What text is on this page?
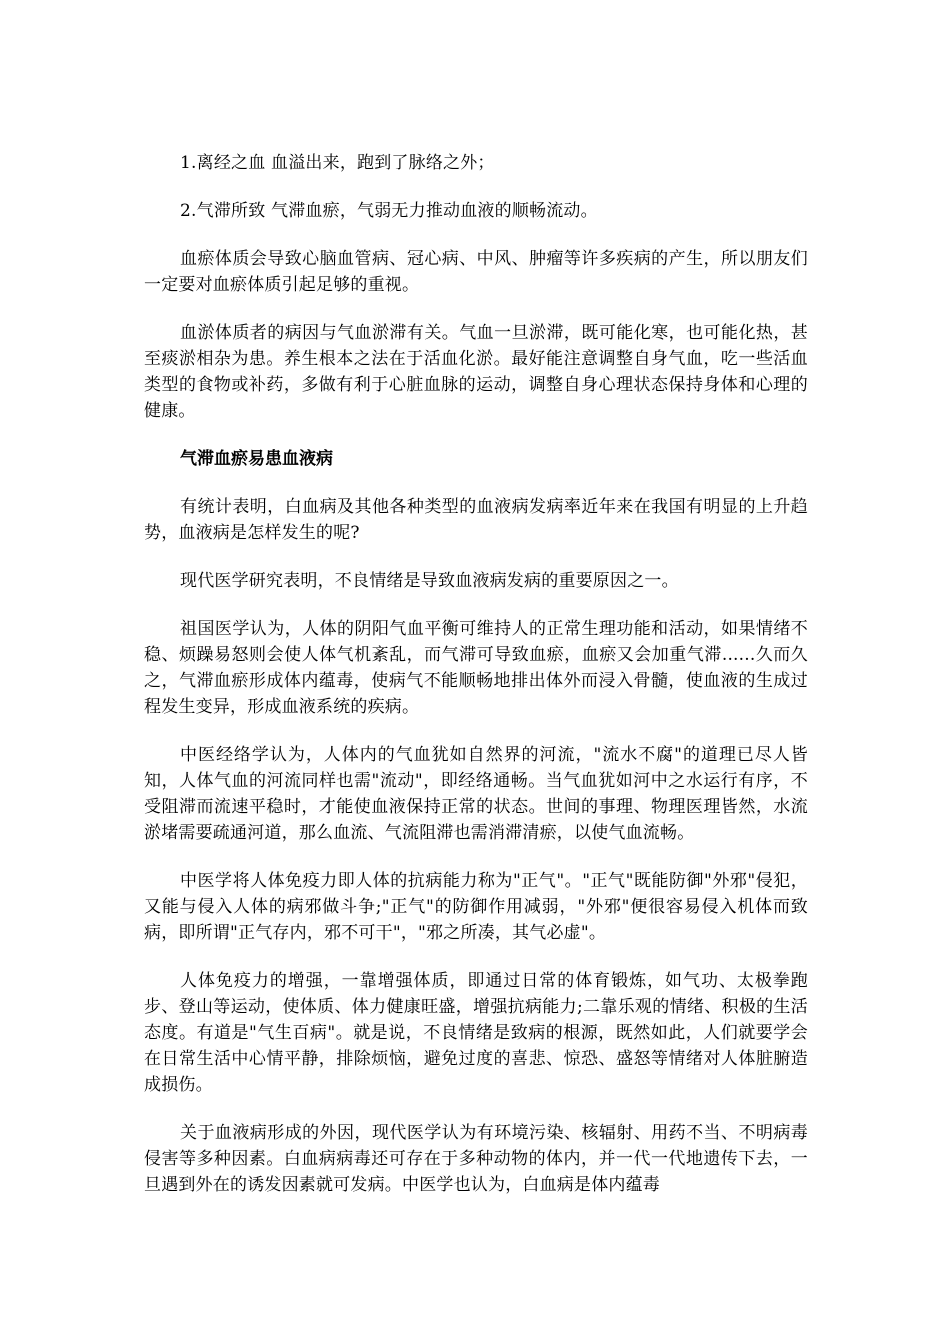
1.离经之血 血溢出来，跑到了脉络之外；

2.气滞所致 气滞血瘀，气弱无力推动血液的顺畅流动。

血瘀体质会导致心脑血管病、冠心病、中风、肿瘤等许多疾病的产生，所以朋友们一定要对血瘀体质引起足够的重视。

血淤体质者的病因与气血淤滞有关。气血一旦淤滞，既可能化寒，也可能化热，甚至痰淤相杂为患。养生根本之法在于活血化淤。最好能注意调整自身气血，吃一些活血类型的食物或补药，多做有利于心脏血脉的运动，调整自身心理状态保持身体和心理的健康。

气滞血瘀易患血液病

有统计表明，白血病及其他各种类型的血液病发病率近年来在我国有明显的上升趋势，血液病是怎样发生的呢?

现代医学研究表明，不良情绪是导致血液病发病的重要原因之一。

祖国医学认为，人体的阴阳气血平衡可维持人的正常生理功能和活动，如果情绪不稳、烦躁易怒则会使人体气机紊乱，而气滞可导致血瘀，血瘀又会加重气滞......久而久之，气滞血瘀形成体内蕴毒，使病气不能顺畅地排出体外而浸入骨髓，使血液的生成过程发生变异，形成血液系统的疾病。

中医经络学认为，人体内的气血犹如自然界的河流，"流水不腐"的道理已尽人皆知，人体气血的河流同样也需"流动"，即经络通畅。当气血犹如河中之水运行有序，不受阻滞而流速平稳时，才能使血液保持正常的状态。世间的事理、物理医理皆然，水流淤堵需要疏通河道，那么血流、气流阻滞也需消滞清瘀，以使气血流畅。

中医学将人体免疫力即人体的抗病能力称为"正气"。"正气"既能防御"外邪"侵犯，又能与侵入人体的病邪做斗争;"正气"的防御作用减弱，"外邪"便很容易侵入机体而致病，即所谓"正气存内，邪不可干"，"邪之所凑，其气必虚"。

人体免疫力的增强，一靠增强体质，即通过日常的体育锻炼，如气功、太极拳跑步、登山等运动，使体质、体力健康旺盛，增强抗病能力;二靠乐观的情绪、积极的生活态度。有道是"气生百病"。就是说，不良情绪是致病的根源，既然如此，人们就要学会在日常生活中心情平静，排除烦恼，避免过度的喜悲、惊恐、盛怒等情绪对人体脏腑造成损伤。

关于血液病形成的外因，现代医学认为有环境污染、核辐射、用药不当、不明病毒侵害等多种因素。白血病病毒还可存在于多种动物的体内，并一代一代地遗传下去，一旦遇到外在的诱发因素就可发病。中医学也认为，白血病是体内蕴毒
